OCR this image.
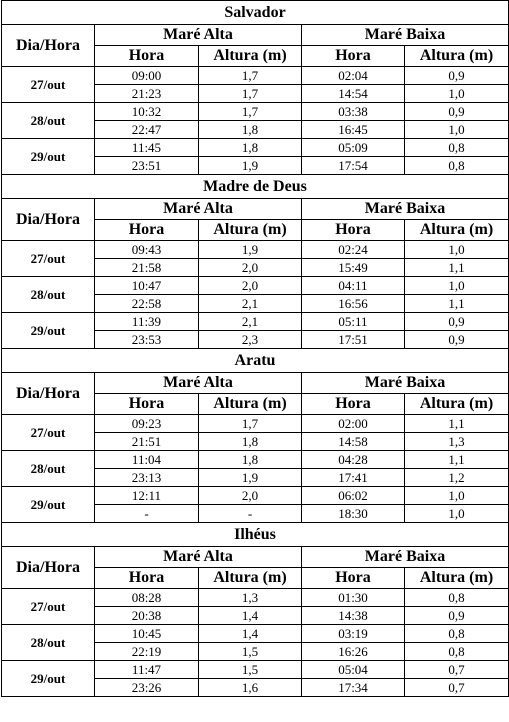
Salvador				
Dia/Hora	Maré Alta		Maré Baixa	
	Hora	Altura (m)	Hora	Altura (m)
27/out	09:00	1,7	02:04	0,9
	21:23	1,7	14:54	1,0
28/out	10:32	1,7	03:38	0,9
	22:47	1,8	16:45	1,0
29/out	11:45	1,8	05:09	0,8
	23:51	1,9	17:54	0,8
Madre de Deus				
Dia/Hora	Maré Alta		Maré Baixa	
	Hora	Altura (m)	Hora	Altura (m)
27/out	09:43	1,9	02:24	1,0
	21:58	2,0	15:49	1,1
28/out	10:47	2,0	04:11	1,0
	22:58	2,1	16:56	1,1
29/out	11:39	2,1	05:11	0,9
	23:53	2,3	17:51	0,9
Aratu				
Dia/Hora	Maré Alta		Maré Baixa	
	Hora	Altura (m)	Hora	Altura (m)
27/out	09:23	1,7	02:00	1,1
	21:51	1,8	14:58	1,3
28/out	11:04	1,8	04:28	1,1
	23:13	1,9	17:41	1,2
29/out	12:11	2,0	06:02	1,0
	-	-	18:30	1,0
Ilhéus				
Dia/Hora	Maré Alta		Maré Baixa	
	Hora	Altura (m)	Hora	Altura (m)
27/out	08:28	1,3	01:30	0,8
	20:38	1,4	14:38	0,9
28/out	10:45	1,4	03:19	0,8
	22:19	1,5	16:26	0,8
29/out	11:47	1,5	05:04	0,7
	23:26	1,6	17:34	0,7
